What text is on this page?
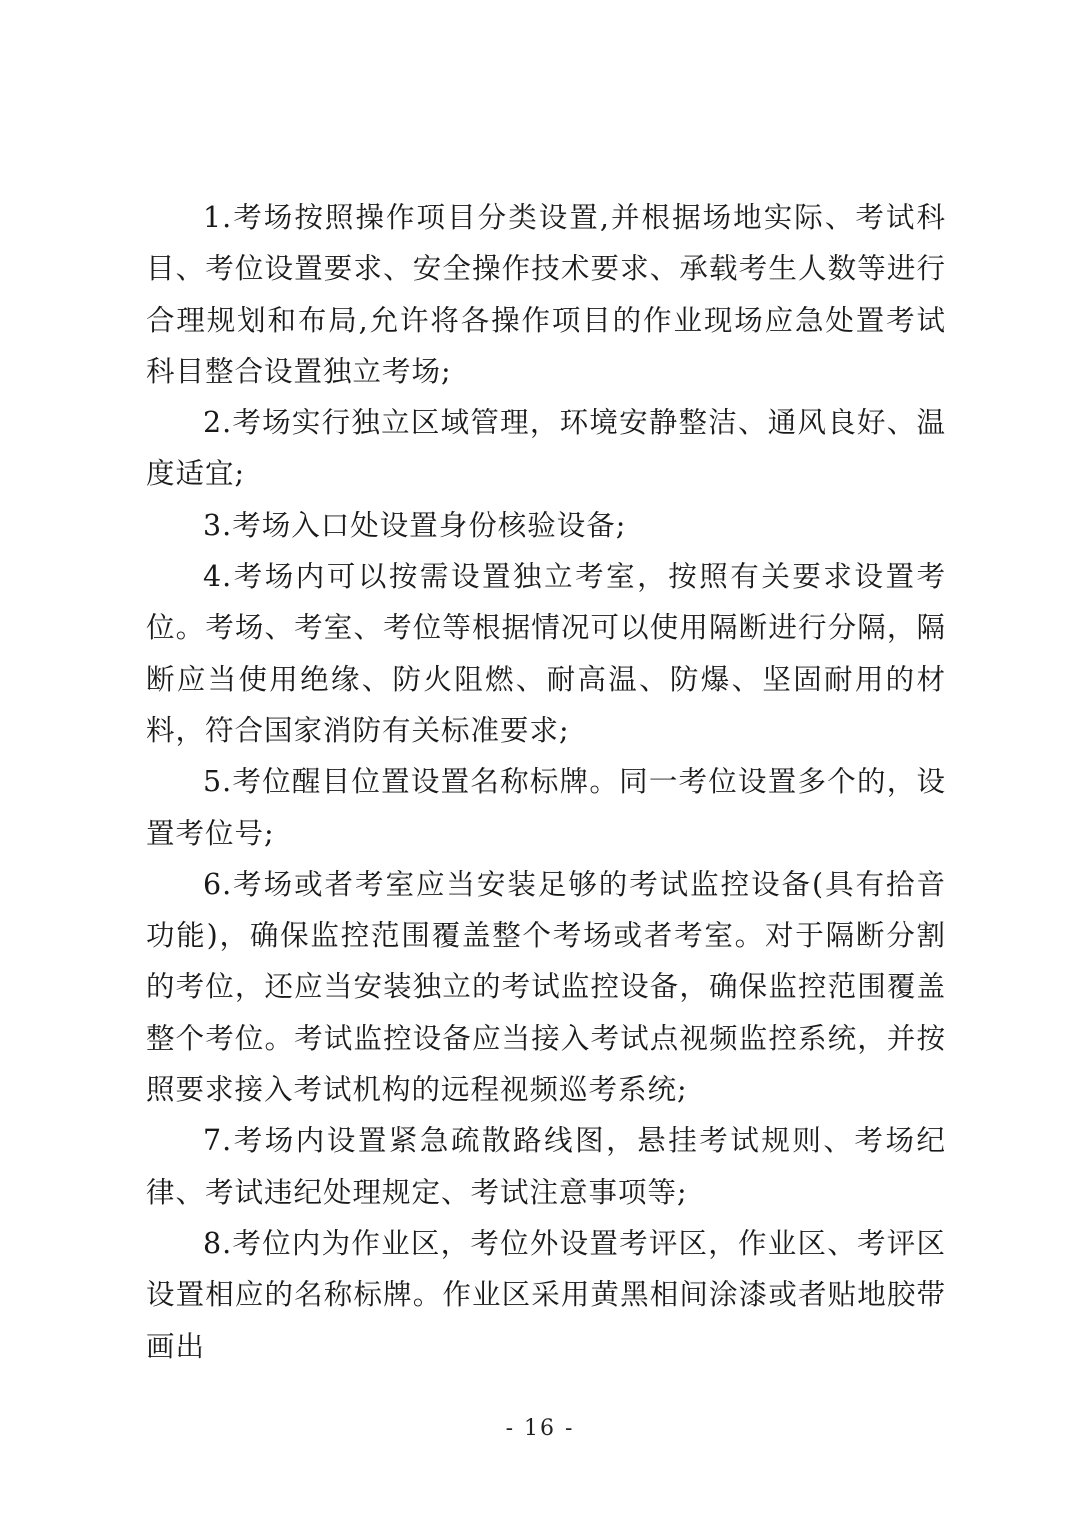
1.考场按照操作项目分类设置,并根据场地实际、考试科目、考位设置要求、安全操作技术要求、承载考生人数等进行合理规划和布局,允许将各操作项目的作业现场应急处置考试科目整合设置独立考场;

2.考场实行独立区域管理，环境安静整洁、通风良好、温度适宜;

3.考场入口处设置身份核验设备;

4.考场内可以按需设置独立考室，按照有关要求设置考位。考场、考室、考位等根据情况可以使用隔断进行分隔，隔断应当使用绝缘、防火阻燃、耐高温、防爆、坚固耐用的材料，符合国家消防有关标准要求;

5.考位醒目位置设置名称标牌。同一考位设置多个的，设置考位号;

6.考场或者考室应当安装足够的考试监控设备(具有拾音功能)，确保监控范围覆盖整个考场或者考室。对于隔断分割的考位，还应当安装独立的考试监控设备，确保监控范围覆盖整个考位。考试监控设备应当接入考试点视频监控系统，并按照要求接入考试机构的远程视频巡考系统;

7.考场内设置紧急疏散路线图，悬挂考试规则、考场纪律、考试违纪处理规定、考试注意事项等;

8.考位内为作业区，考位外设置考评区，作业区、考评区设置相应的名称标牌。作业区采用黄黑相间涂漆或者贴地胶带画出

- 16 -
